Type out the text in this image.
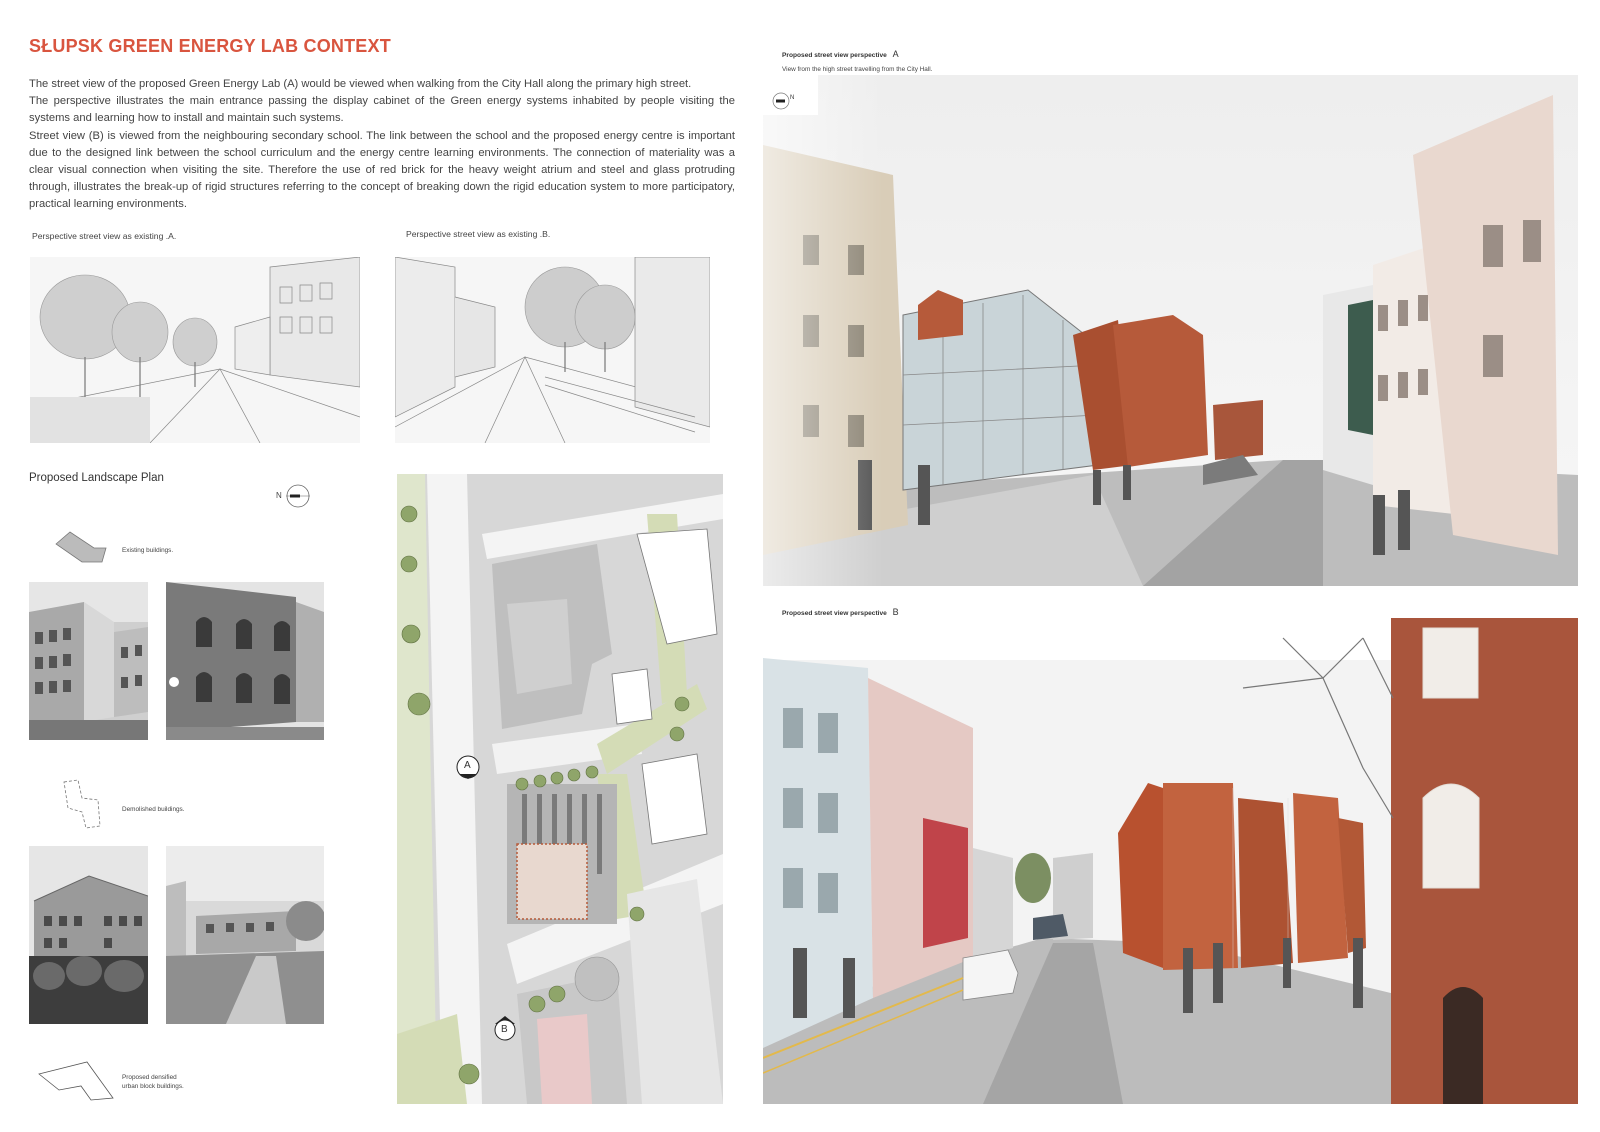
SŁUPSK GREEN ENERGY LAB CONTEXT

The street view of the proposed Green Energy Lab (A) would be viewed when walking from the City Hall along the primary high street.

The perspective illustrates the main entrance passing the display cabinet of the Green energy systems inhabited by people visiting the systems and learning how to install and maintain such systems.

Street view (B) is viewed from the neighbouring secondary school. The link between the school and the proposed energy centre is important due to the designed link between the school curriculum and the energy centre learning environments. The connection of materiality was a clear visual connection when visiting the site. Therefore the use of red brick for the heavy weight atrium and steel and glass protruding through, illustrates the break-up of rigid structures referring to the concept of breaking down the rigid education system to more participatory, practical learning environments.

Perspective street view as existing .A.	Perspective street view as existing .B.
Proposed Landscape Plan
N
Existing buildings.
Demolished buildings.
Proposed densified
urban block buildings.
A
B
Proposed street view perspective A
View from the high street travelling from the City Hall.
N
Proposed street view perspective B
